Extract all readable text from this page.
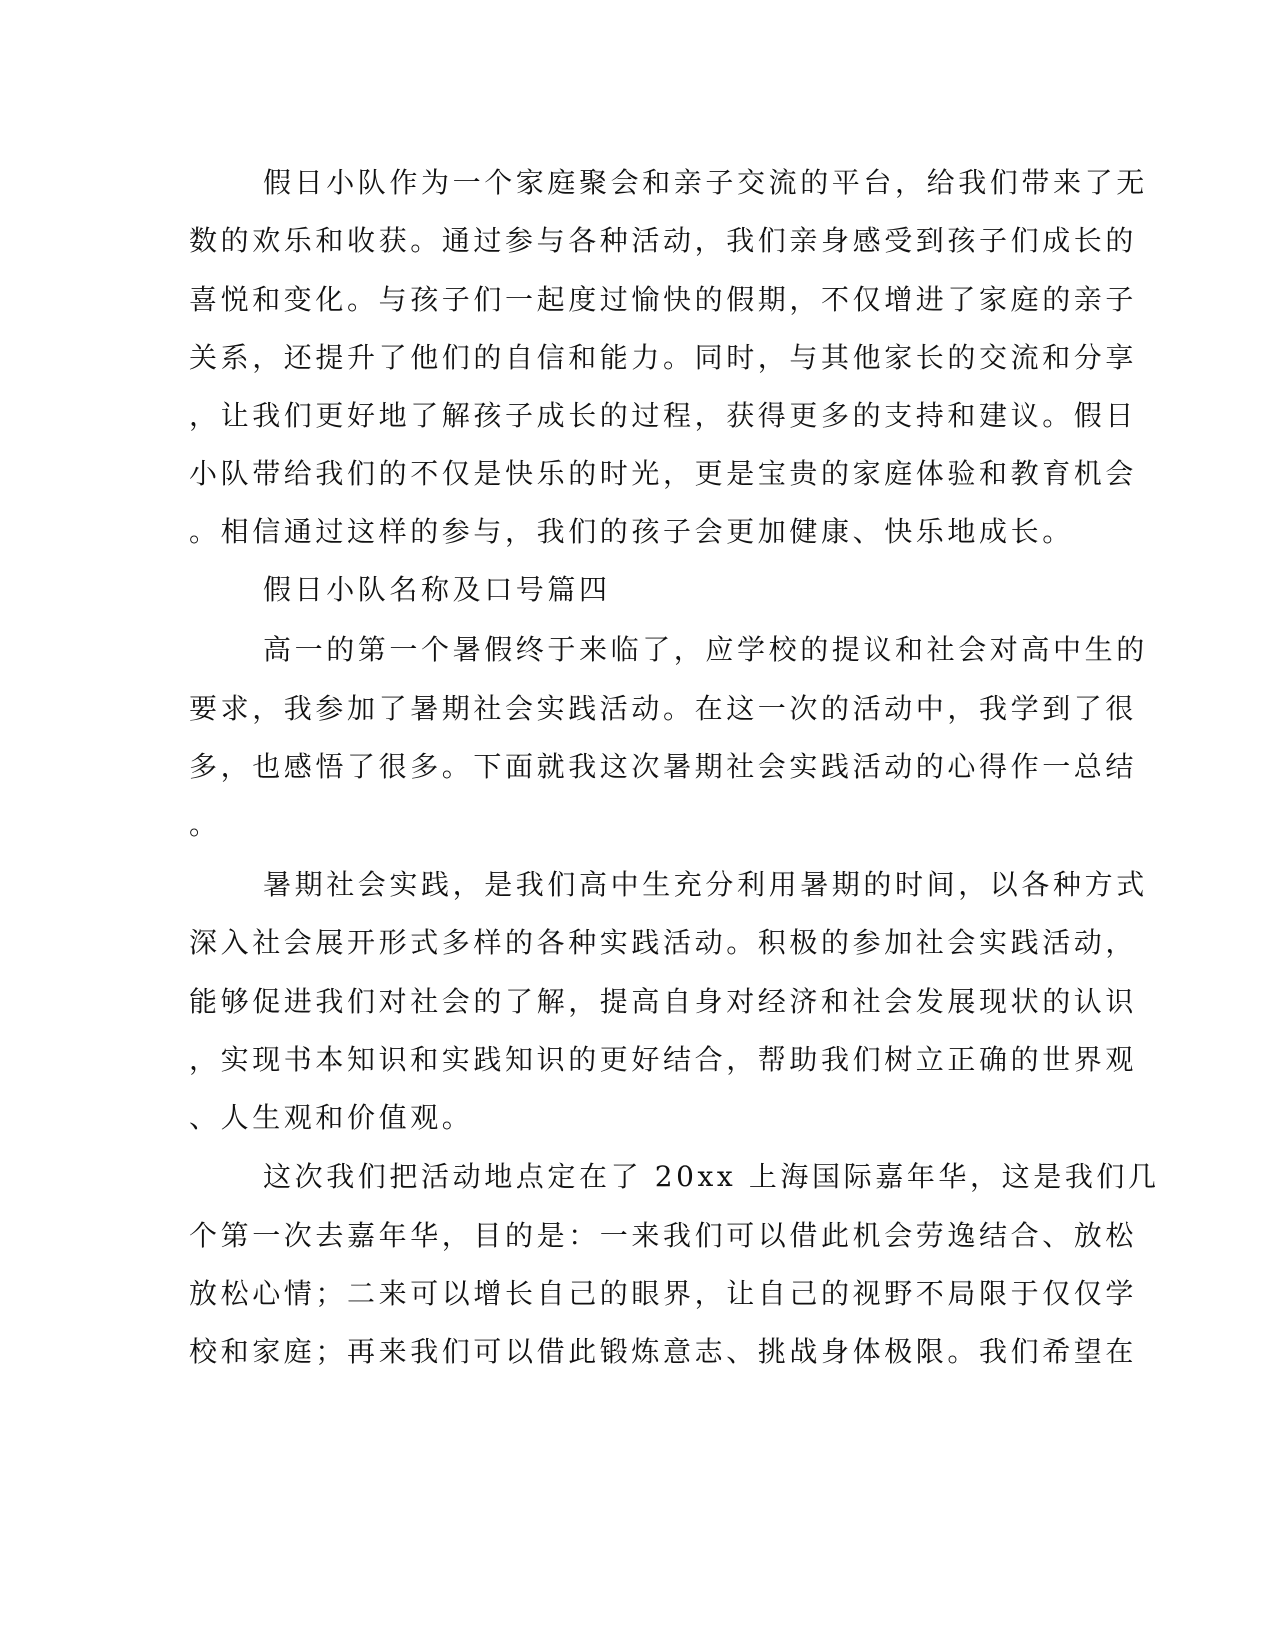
假日小队作为一个家庭聚会和亲子交流的平台，给我们带来了无
数的欢乐和收获。通过参与各种活动，我们亲身感受到孩子们成长的
喜悦和变化。与孩子们一起度过愉快的假期，不仅增进了家庭的亲子
关系，还提升了他们的自信和能力。同时，与其他家长的交流和分享
，让我们更好地了解孩子成长的过程，获得更多的支持和建议。假日
小队带给我们的不仅是快乐的时光，更是宝贵的家庭体验和教育机会
。相信通过这样的参与，我们的孩子会更加健康、快乐地成长。
假日小队名称及口号篇四
高一的第一个暑假终于来临了，应学校的提议和社会对高中生的
要求，我参加了暑期社会实践活动。在这一次的活动中，我学到了很
多，也感悟了很多。下面就我这次暑期社会实践活动的心得作一总结
。
暑期社会实践，是我们高中生充分利用暑期的时间，以各种方式
深入社会展开形式多样的各种实践活动。积极的参加社会实践活动，
能够促进我们对社会的了解，提高自身对经济和社会发展现状的认识
，实现书本知识和实践知识的更好结合，帮助我们树立正确的世界观
、人生观和价值观。
这次我们把活动地点定在了 20xx 上海国际嘉年华，这是我们几
个第一次去嘉年华，目的是：一来我们可以借此机会劳逸结合、放松
放松心情；二来可以增长自己的眼界，让自己的视野不局限于仅仅学
校和家庭；再来我们可以借此锻炼意志、挑战身体极限。我们希望在
